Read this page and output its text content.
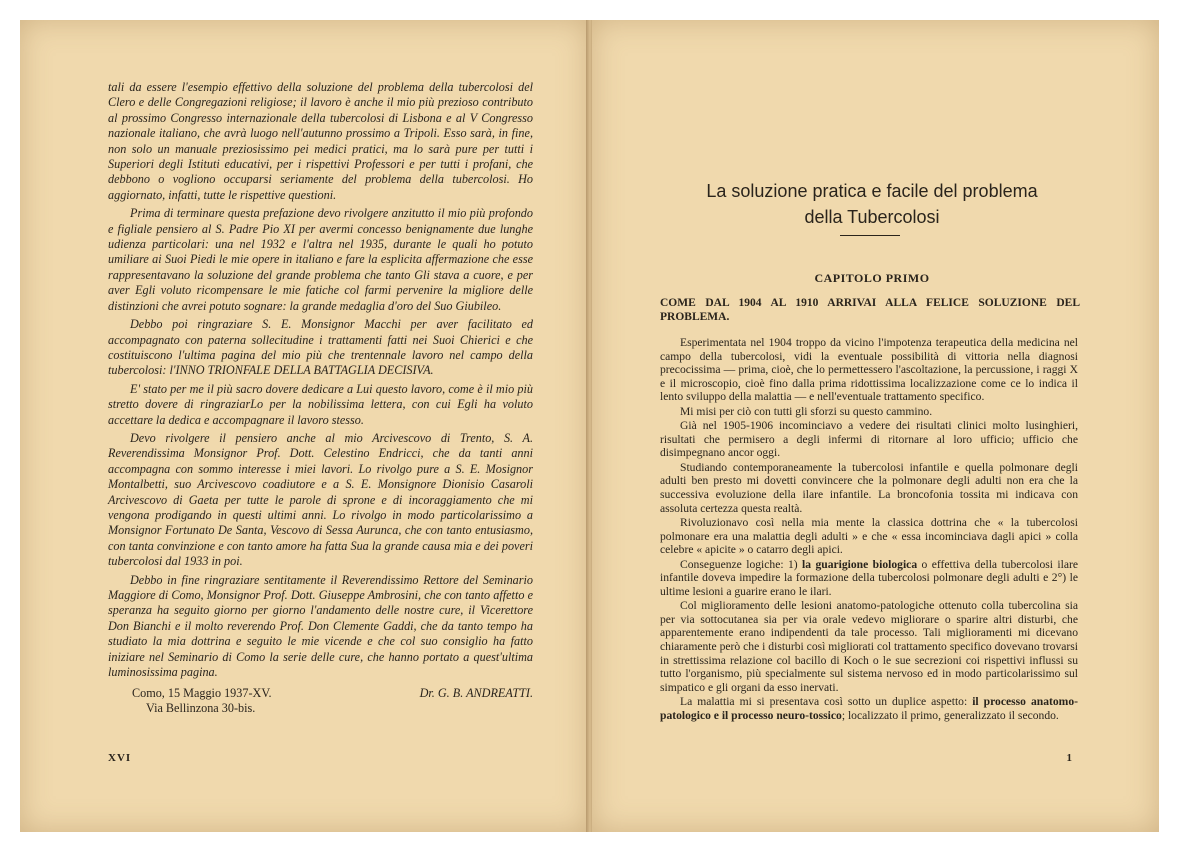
tali da essere l'esempio effettivo della soluzione del problema della tubercolosi del Clero e delle Congregazioni religiose; il lavoro è anche il mio più prezioso contributo al prossimo Congresso internazionale della tubercolosi di Lisbona e al V Congresso nazionale italiano, che avrà luogo nell'autunno prossimo a Tripoli. Esso sarà, in fine, non solo un manuale preziosissimo pei medici pratici, ma lo sarà pure per tutti i Superiori degli Istituti educativi, per i rispettivi Professori e per tutti i profani, che debbono o vogliono occuparsi seriamente del problema della tubercolosi. Ho aggiornato, infatti, tutte le rispettive questioni.

Prima di terminare questa prefazione devo rivolgere anzitutto il mio più profondo e figliale pensiero al S. Padre Pio XI per avermi concesso benignamente due lunghe udienza particolari: una nel 1932 e l'altra nel 1935, durante le quali ho potuto umiliare ai Suoi Piedi le mie opere in italiano e fare la esplicita affermazione che esse rappresentavano la soluzione del grande problema che tanto Gli stava a cuore, e per aver Egli voluto ricompensare le mie fatiche col farmi pervenire la migliore delle distinzioni che avrei potuto sognare: la grande medaglia d'oro del Suo Giubileo.

Debbo poi ringraziare S. E. Monsignor Macchi per aver facilitato ed accompagnato con paterna sollecitudine i trattamenti fatti nei Suoi Chierici e che costituiscono l'ultima pagina del mio più che trentennale lavoro nel campo della tubercolosi: l'INNO TRIONFALE DELLA BATTAGLIA DECISIVA.

E' stato per me il più sacro dovere dedicare a Lui questo lavoro, come è il mio più stretto dovere di ringraziarLo per la nobilissima lettera, con cui Egli ha voluto accettare la dedica e accompagnare il lavoro stesso.

Devo rivolgere il pensiero anche al mio Arcivescovo di Trento, S. A. Reverendissima Monsignor Prof. Dott. Celestino Endricci, che da tanti anni accompagna con sommo interesse i miei lavori. Lo rivolgo pure a S. E. Mosignor Montalbetti, suo Arcivescovo coadiutore e a S. E. Monsignore Dionisio Casaroli Arcivescovo di Gaeta per tutte le parole di sprone e di incoraggiamento che mi vengona prodigando in questi ultimi anni. Lo rivolgo in modo particolarissimo a Monsignor Fortunato De Santa, Vescovo di Sessa Aurunca, che con tanto entusiasmo, con tanta convinzione e con tanto amore ha fatta Sua la grande causa mia e dei poveri tubercolosi dal 1933 in poi.

Debbo in fine ringraziare sentitamente il Reverendissimo Rettore del Seminario Maggiore di Como, Monsignor Prof. Dott. Giuseppe Ambrosini, che con tanto affetto e speranza ha seguito giorno per giorno l'andamento delle nostre cure, il Vicerettore Don Bianchi e il molto reverendo Prof. Don Clemente Gaddi, che da tanto tempo ha studiato la mia dottrina e seguito le mie vicende e che col suo consiglio ha fatto iniziare nel Seminario di Como la serie delle cure, che hanno portato a quest'ultima luminosissima pagina.

Como, 15 Maggio 1937-XV.
Via Bellinzona 30-bis.
Dr. G. B. ANDREATTI.
XVI
La soluzione pratica e facile del problema
della Tubercolosi
CAPITOLO PRIMO
COME DAL 1904 AL 1910 ARRIVAI ALLA FELICE SOLUZIONE DEL PROBLEMA.

Esperimentata nel 1904 troppo da vicino l'impotenza terapeutica della medicina nel campo della tubercolosi, vidi la eventuale possibilità di vittoria nella diagnosi precocissima — prima, cioè, che lo permettessero l'ascoltazione, la percussione, i raggi X e il microscopio, cioè fino dalla prima ridottissima localizzazione come ce lo indica il lento sviluppo della malattia — e nell'eventuale trattamento specifico.

Mi misi per ciò con tutti gli sforzi su questo cammino.

Già nel 1905-1906 incominciavo a vedere dei risultati clinici molto lusinghieri, risultati che permisero a degli infermi di ritornare al loro ufficio; ufficio che disimpegnano ancor oggi.

Studiando contemporaneamente la tubercolosi infantile e quella polmonare degli adulti ben presto mi dovetti convincere che la polmonare degli adulti non era che la successiva evoluzione della ilare infantile. La broncofonia tossita mi indicava con assoluta certezza questa realtà.

Rivoluzionavo così nella mia mente la classica dottrina che « la tubercolosi polmonare era una malattia degli adulti » e che « essa incominciava dagli apici » colla celebre « apicite » o catarro degli apici.

Conseguenze logiche: 1) la guarigione biologica o effettiva della tubercolosi ilare infantile doveva impedire la formazione della tubercolosi polmonare degli adulti e 2°) le ultime lesioni a guarire erano le ilari.

Col miglioramento delle lesioni anatomo-patologiche ottenuto colla tubercolina sia per via sottocutanea sia per via orale vedevo migliorare o sparire altri disturbi, che apparentemente erano indipendenti da tale processo. Tali miglioramenti mi dicevano chiaramente però che i disturbi così migliorati col trattamento specifico dovevano trovarsi in strettissima relazione col bacillo di Koch o le sue secrezioni coi rispettivi influssi su tutto l'organismo, più specialmente sul sistema nervoso ed in modo particolarissimo sul simpatico e gli organi da esso inervati.

La malattia mi si presentava così sotto un duplice aspetto: il processo anatomo-patologico e il processo neuro-tossico; localizzato il primo, generalizzato il secondo.

1
